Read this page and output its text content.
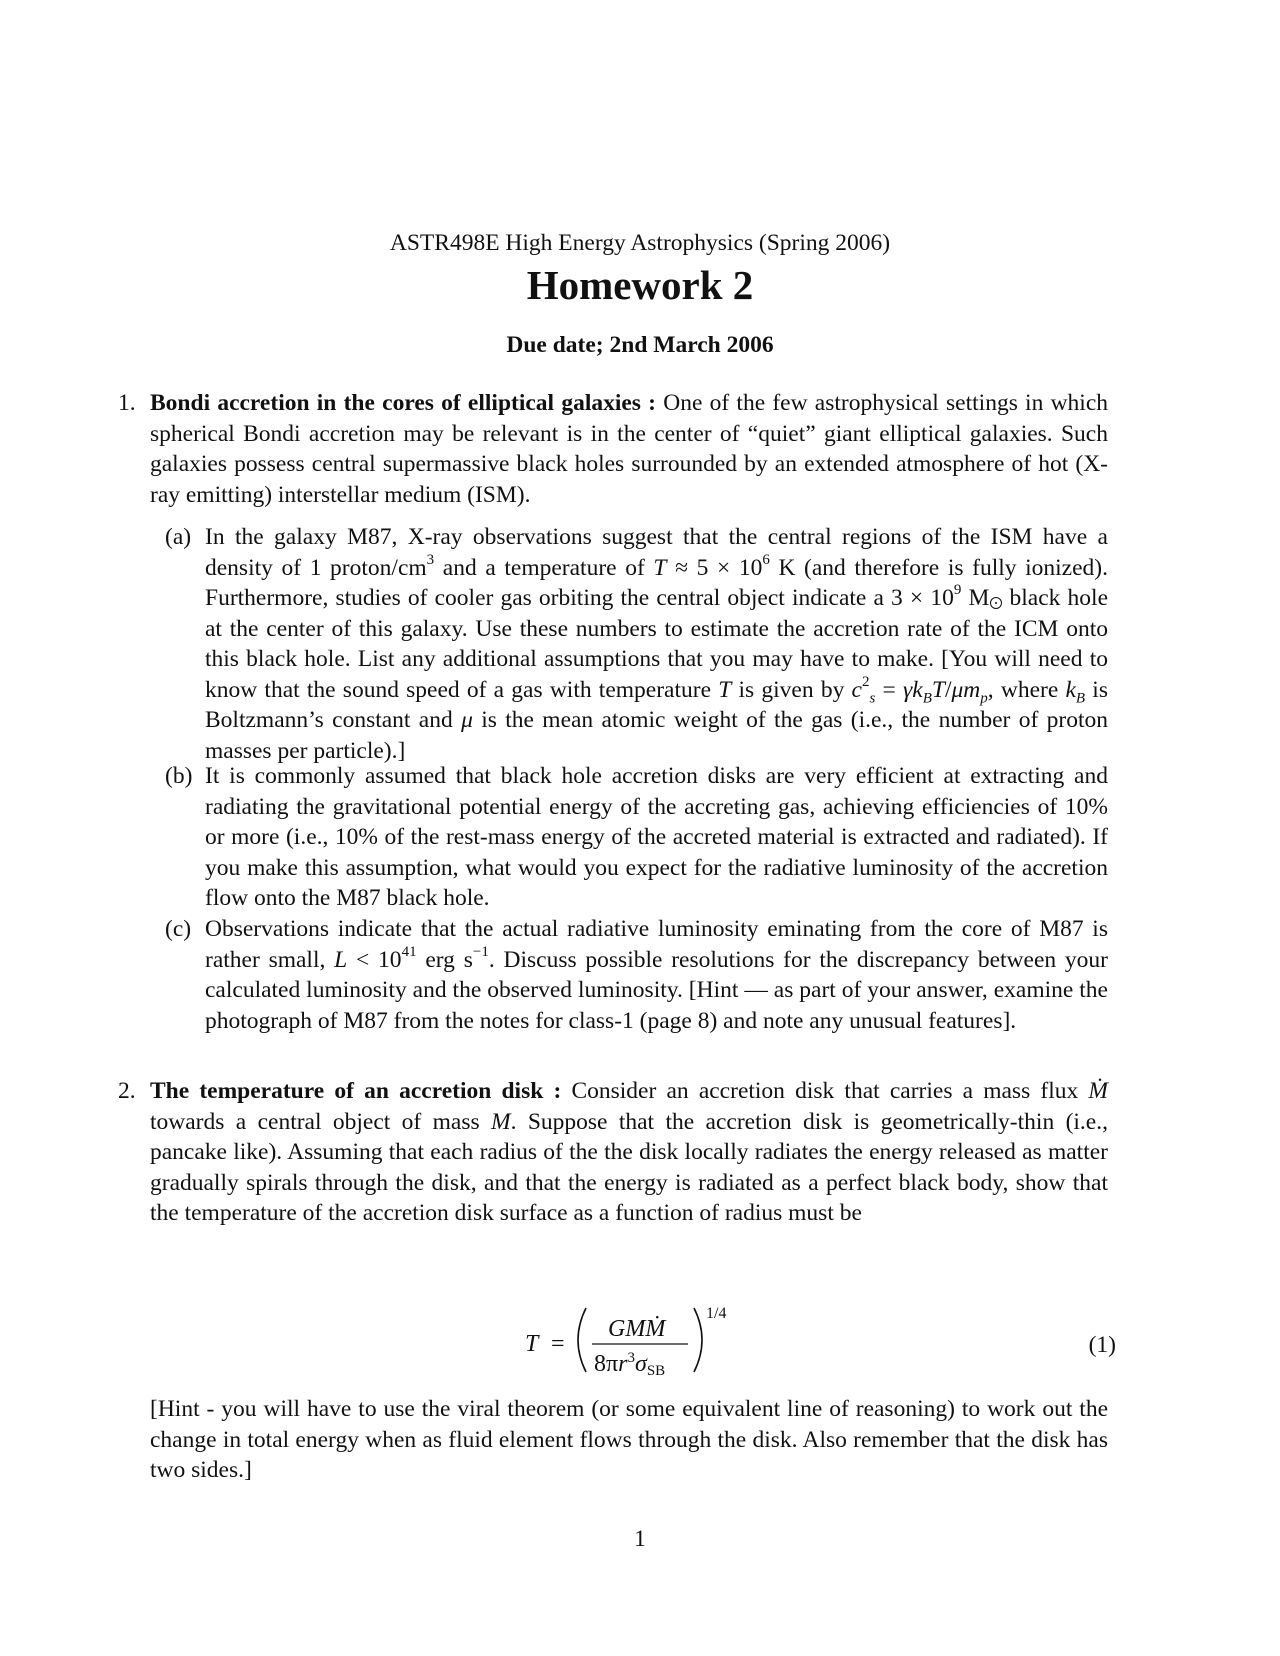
ASTR498E High Energy Astrophysics (Spring 2006)
Homework 2
Due date; 2nd March 2006
1. Bondi accretion in the cores of elliptical galaxies : One of the few astrophysical settings in which spherical Bondi accretion may be relevant is in the center of “quiet” giant elliptical galaxies. Such galaxies possess central supermassive black holes surrounded by an extended atmosphere of hot (X-ray emitting) interstellar medium (ISM).
(a) In the galaxy M87, X-ray observations suggest that the central regions of the ISM have a density of 1 proton/$cm^3$ and a temperature of $T \approx 5 \times 10^6$ K (and therefore is fully ionized). Furthermore, studies of cooler gas orbiting the central object indicate a $3 \times 10^9$ M black hole at the center of this galaxy. Use these numbers to estimate the accretion rate of the ICM onto this black hole. List any additional assumptions that you may have to make. [You will need to know that the sound speed of a gas with temperature T is given by $c^2_s = \gamma k_BT/\mu m_p$, where $k_B$ is Boltzmann’s constant and μ is the mean atomic weight of the gas (i.e., the number of proton masses per particle).]
(b) It is commonly assumed that black hole accretion disks are very efficient at extracting and radiating the gravitational potential energy of the accreting gas, achieving efficiencies of 10% or more (i.e., 10% of the rest-mass energy of the accreted material is extracted and radiated). If you make this assumption, what would you expect for the radiative luminosity of the accretion flow onto the M87 black hole.
(c) Observations indicate that the actual radiative luminosity eminating from the core of M87 is rather small, $L < 10^{41}$ erg $s^{-1}$. Discuss possible resolutions for the discrepancy between your calculated luminosity and the observed luminosity. [Hint — as part of your answer, examine the photograph of M87 from the notes for class-1 (page 8) and note any unusual features].
2. The temperature of an accretion disk : Consider an accretion disk that carries a mass flux Ṁ towards a central object of mass M. Suppose that the accretion disk is geometrically-thin (i.e., pancake like). Assuming that each radius of the the disk locally radiates the energy released as matter gradually spirals through the disk, and that the energy is radiated as a perfect black body, show that the temperature of the accretion disk surface as a function of radius must be
T =
GMṀ
$8\pi r^3\sigma SB$
1/4
(1)
[Hint - you will have to use the viral theorem (or some equivalent line of reasoning) to work out the change in total energy when as fluid element flows through the disk. Also remember that the disk has two sides.]
1
